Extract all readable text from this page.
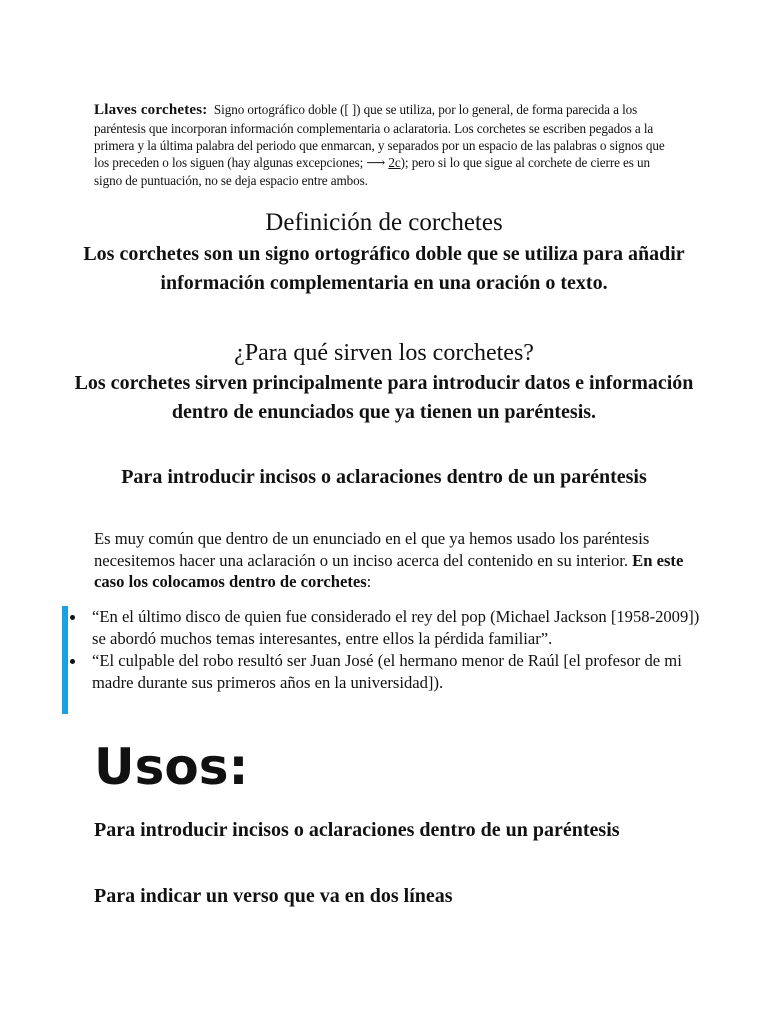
Llaves corchetes: Signo ortográfico doble ([ ]) que se utiliza, por lo general, de forma parecida a los paréntesis que incorporan información complementaria o aclaratoria. Los corchetes se escriben pegados a la primera y la última palabra del periodo que enmarcan, y separados por un espacio de las palabras o signos que los preceden o los siguen (hay algunas excepciones; ⟶ 2c); pero si lo que sigue al corchete de cierre es un signo de puntuación, no se deja espacio entre ambos.

Definición de corchetes

Los corchetes son un signo ortográfico doble que se utiliza para añadir información complementaria en una oración o texto.

¿Para qué sirven los corchetes?

Los corchetes sirven principalmente para introducir datos e información dentro de enunciados que ya tienen un paréntesis.

Para introducir incisos o aclaraciones dentro de un paréntesis

Es muy común que dentro de un enunciado en el que ya hemos usado los paréntesis necesitemos hacer una aclaración o un inciso acerca del contenido en su interior. En este caso los colocamos dentro de corchetes:

“En el último disco de quien fue considerado el rey del pop (Michael Jackson [1958-2009]) se abordó muchos temas interesantes, entre ellos la pérdida familiar”.
“El culpable del robo resultó ser Juan José (el hermano menor de Raúl [el profesor de mi madre durante sus primeros años en la universidad]).
Usos:

Para introducir incisos o aclaraciones dentro de un paréntesis

Para indicar un verso que va en dos líneas
